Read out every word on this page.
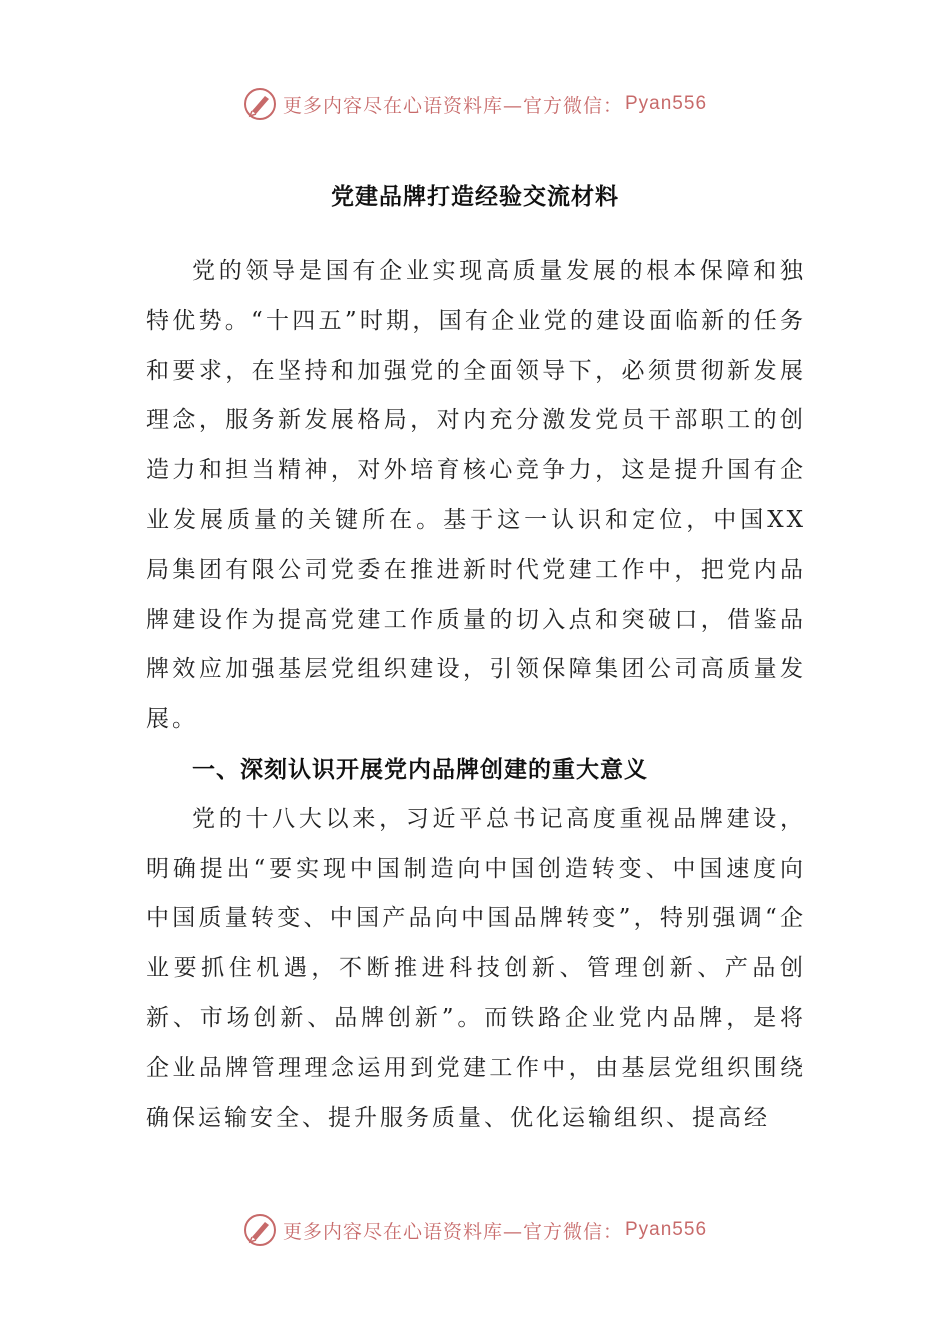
更多内容尽在心语资料库—官方微信： Pyan556
党建品牌打造经验交流材料

党的领导是国有企业实现高质量发展的根本保障和独特优势。“十四五”时期，国有企业党的建设面临新的任务和要求，在坚持和加强党的全面领导下，必须贯彻新发展理念，服务新发展格局，对内充分激发党员干部职工的创造力和担当精神，对外培育核心竞争力，这是提升国有企业发展质量的关键所在。基于这一认识和定位，中国XX局集团有限公司党委在推进新时代党建工作中，把党内品牌建设作为提高党建工作质量的切入点和突破口，借鉴品牌效应加强基层党组织建设，引领保障集团公司高质量发展。

一、深刻认识开展党内品牌创建的重大意义

党的十八大以来，习近平总书记高度重视品牌建设，明确提出“要实现中国制造向中国创造转变、中国速度向中国质量转变、中国产品向中国品牌转变”，特别强调“企业要抓住机遇，不断推进科技创新、管理创新、产品创新、市场创新、品牌创新”。而铁路企业党内品牌，是将企业品牌管理理念运用到党建工作中，由基层党组织围绕确保运输安全、提升服务质量、优化运输组织、提高经

更多内容尽在心语资料库—官方微信： Pyan556
